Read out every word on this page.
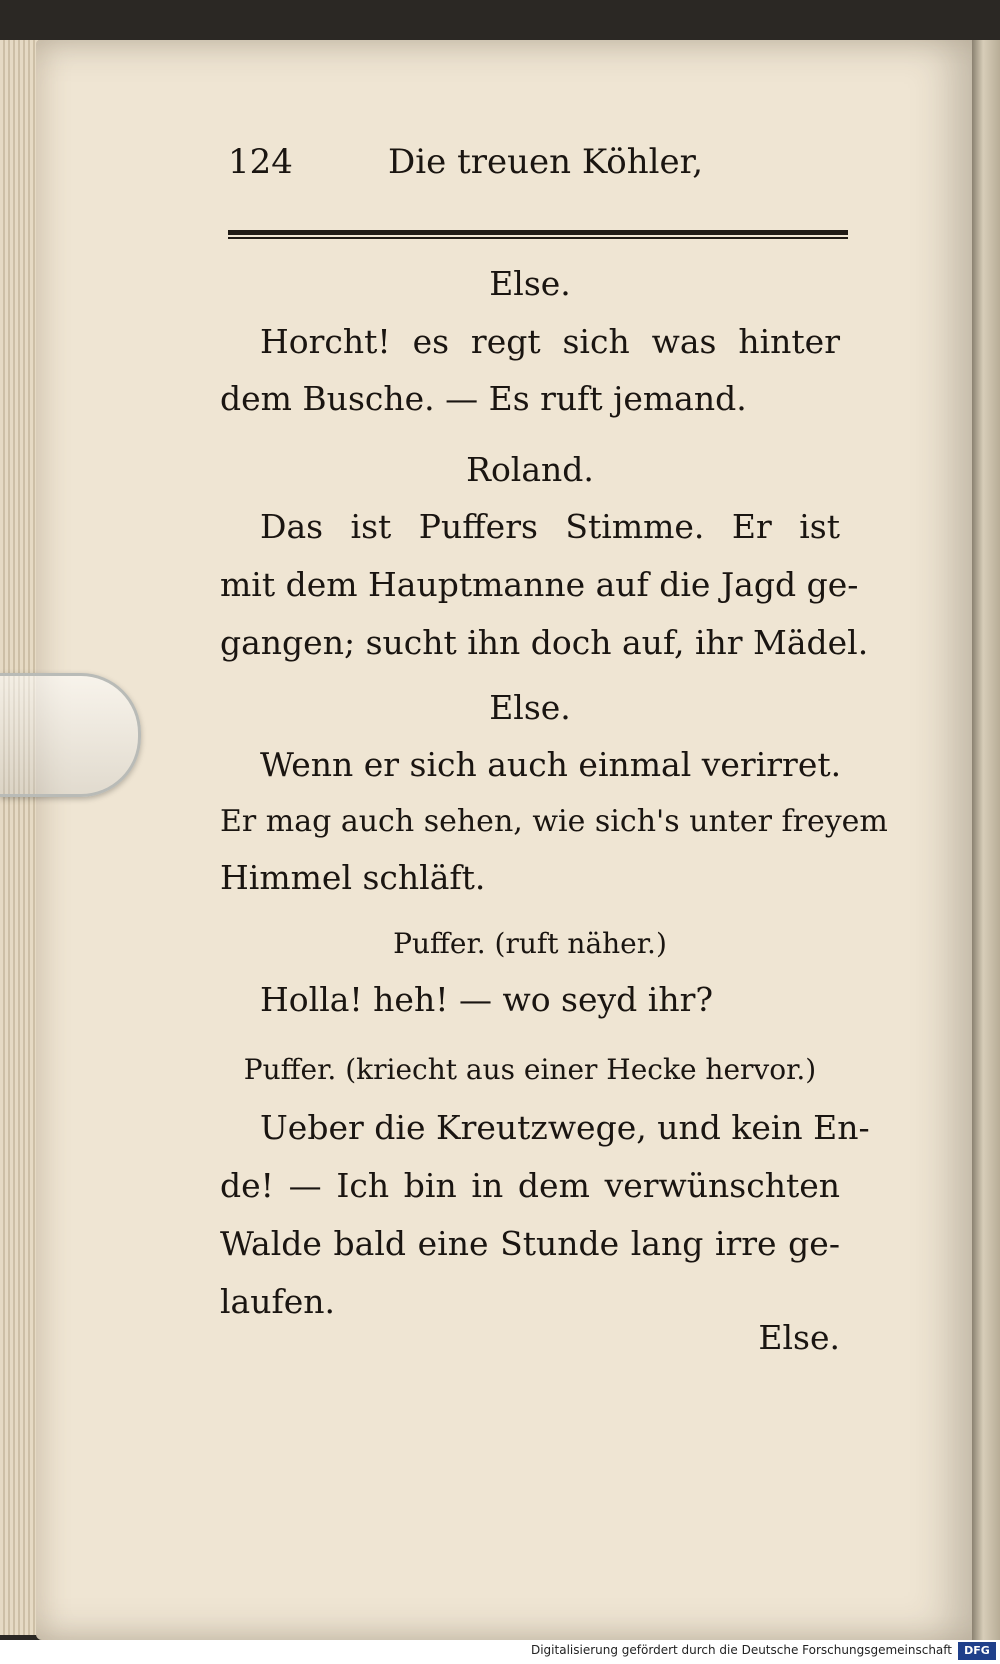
124	Die treuen Köhler,
Else.
Horcht! es regt sich was hinter
dem Busche. — Es ruft jemand.
Roland.
Das ist Puffers Stimme. Er ist
mit dem Hauptmanne auf die Jagd ge-
gangen; sucht ihn doch auf, ihr Mädel.
Else.
Wenn er sich auch einmal verirret.
Er mag auch sehen, wie sich's unter freyem
Himmel schläft.
Puffer. (ruft näher.)
Holla! heh! — wo seyd ihr?
Puffer. (kriecht aus einer Hecke hervor.)
Ueber die Kreutzwege, und kein En-
de! — Ich bin in dem verwünschten
Walde bald eine Stunde lang irre ge-
laufen.
Else.
Digitalisierung gefördert durch die Deutsche Forschungsgemeinschaft	DFG
